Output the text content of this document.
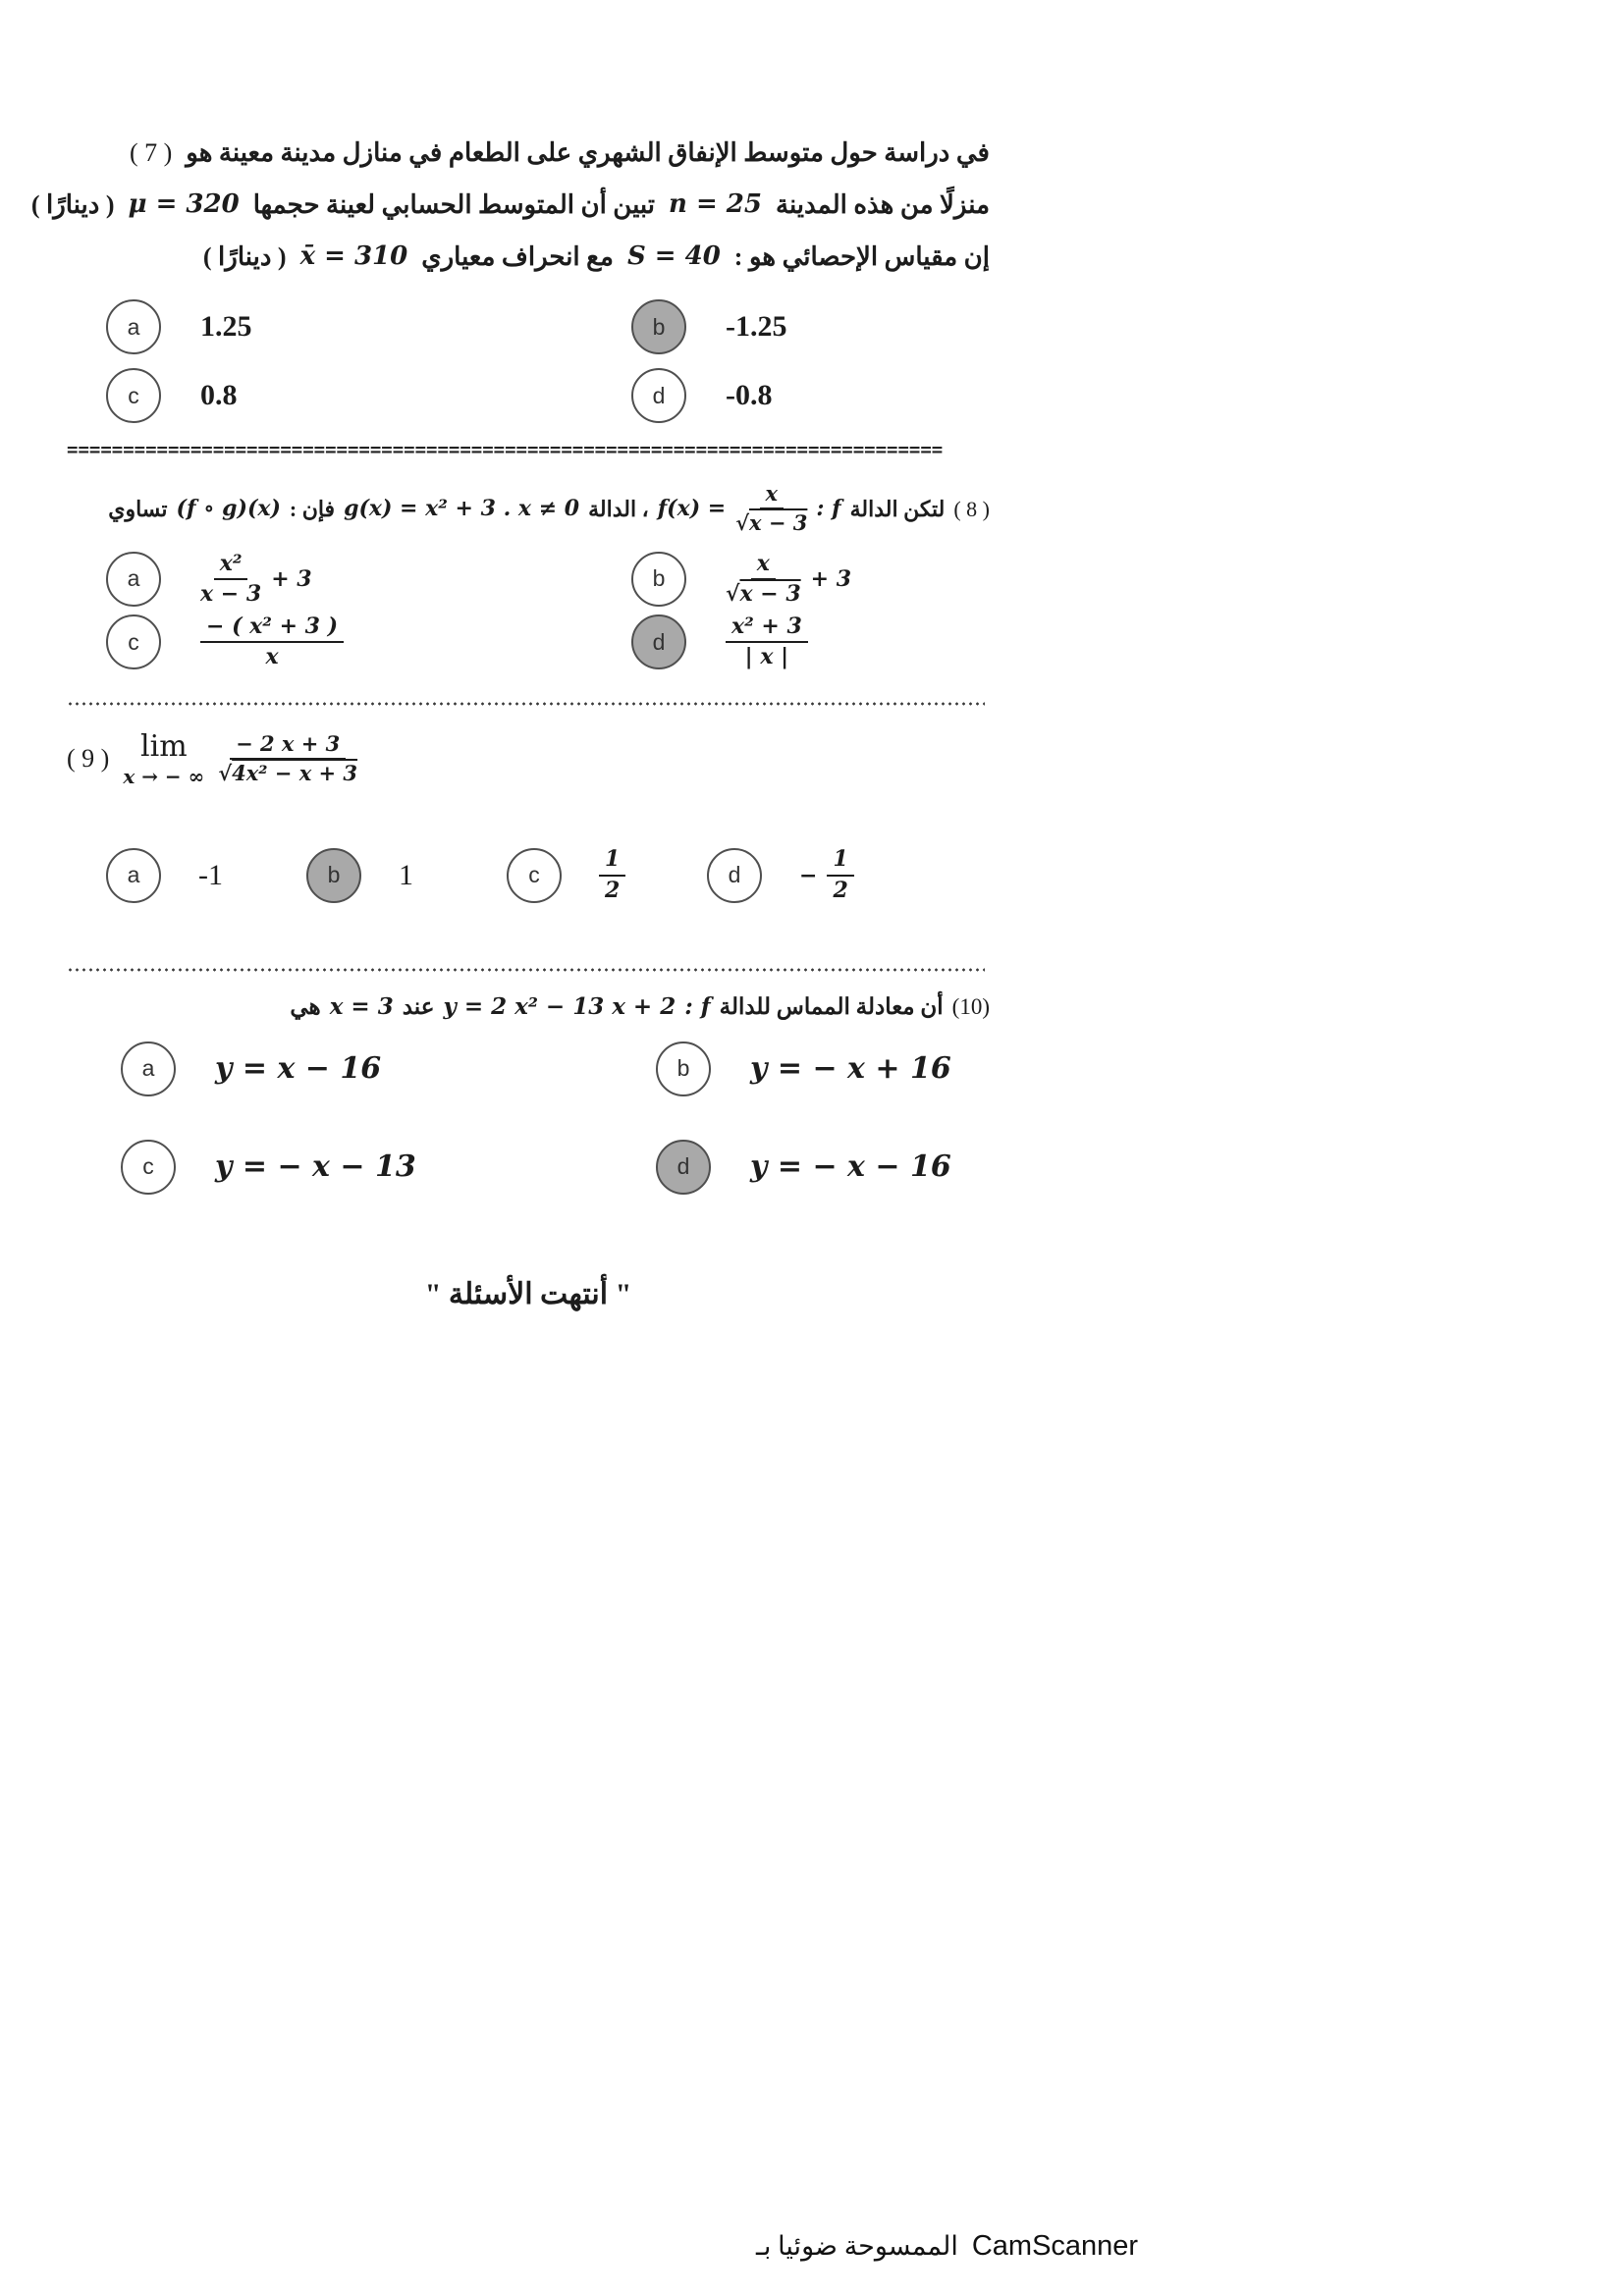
( 7 ) في دراسة حول متوسط الإنفاق الشهري على الطعام في منازل مدينة معينة هو
( دينارًا ) μ = 320 تبين أن المتوسط الحسابي لعينة حجمها n = 25 منزلًا من هذه المدينة
( دينارًا ) x̄ = 310 مع انحراف معياري S = 40 إن مقياس الإحصائي هو :
a 1.25	b -1.25
c 0.8	d -0.8
==============================================================================
( 8 )
لتكن الدالة
f :
$f(x) = \frac{x}{√x - 3}$
، الدالة
g(x) = x² + 3 . x ≠ 0
فإن :
(f ∘ g)(x)
تساوي
a	$\frac{\text{x²}}{x - 3} + 3$	b	$\frac{x}{√x - 3} + 3$
c	$\frac{\text{− ( x² + 3 )}}{x}$	d	$\frac{\text{x² + 3}}{| x |}$
( 9 ) lim
x → − ∞ $\frac{- 2 x + 3}{\text{√4x² − x + 3}}$
a -1	b 1	c	$\frac{1}{2}$	d	− $\frac{1}{2}$
(10)
أن معادلة المماس للدالة
f :
y = 2 x² − 13 x + 2
عند
x = 3
هي
a y = x − 16	b y = − x + 16
c y = − x − 13	d y = − x − 16

" أنتهت الأسئلة "

الممسوحة ضوئيا بـ CamScanner
